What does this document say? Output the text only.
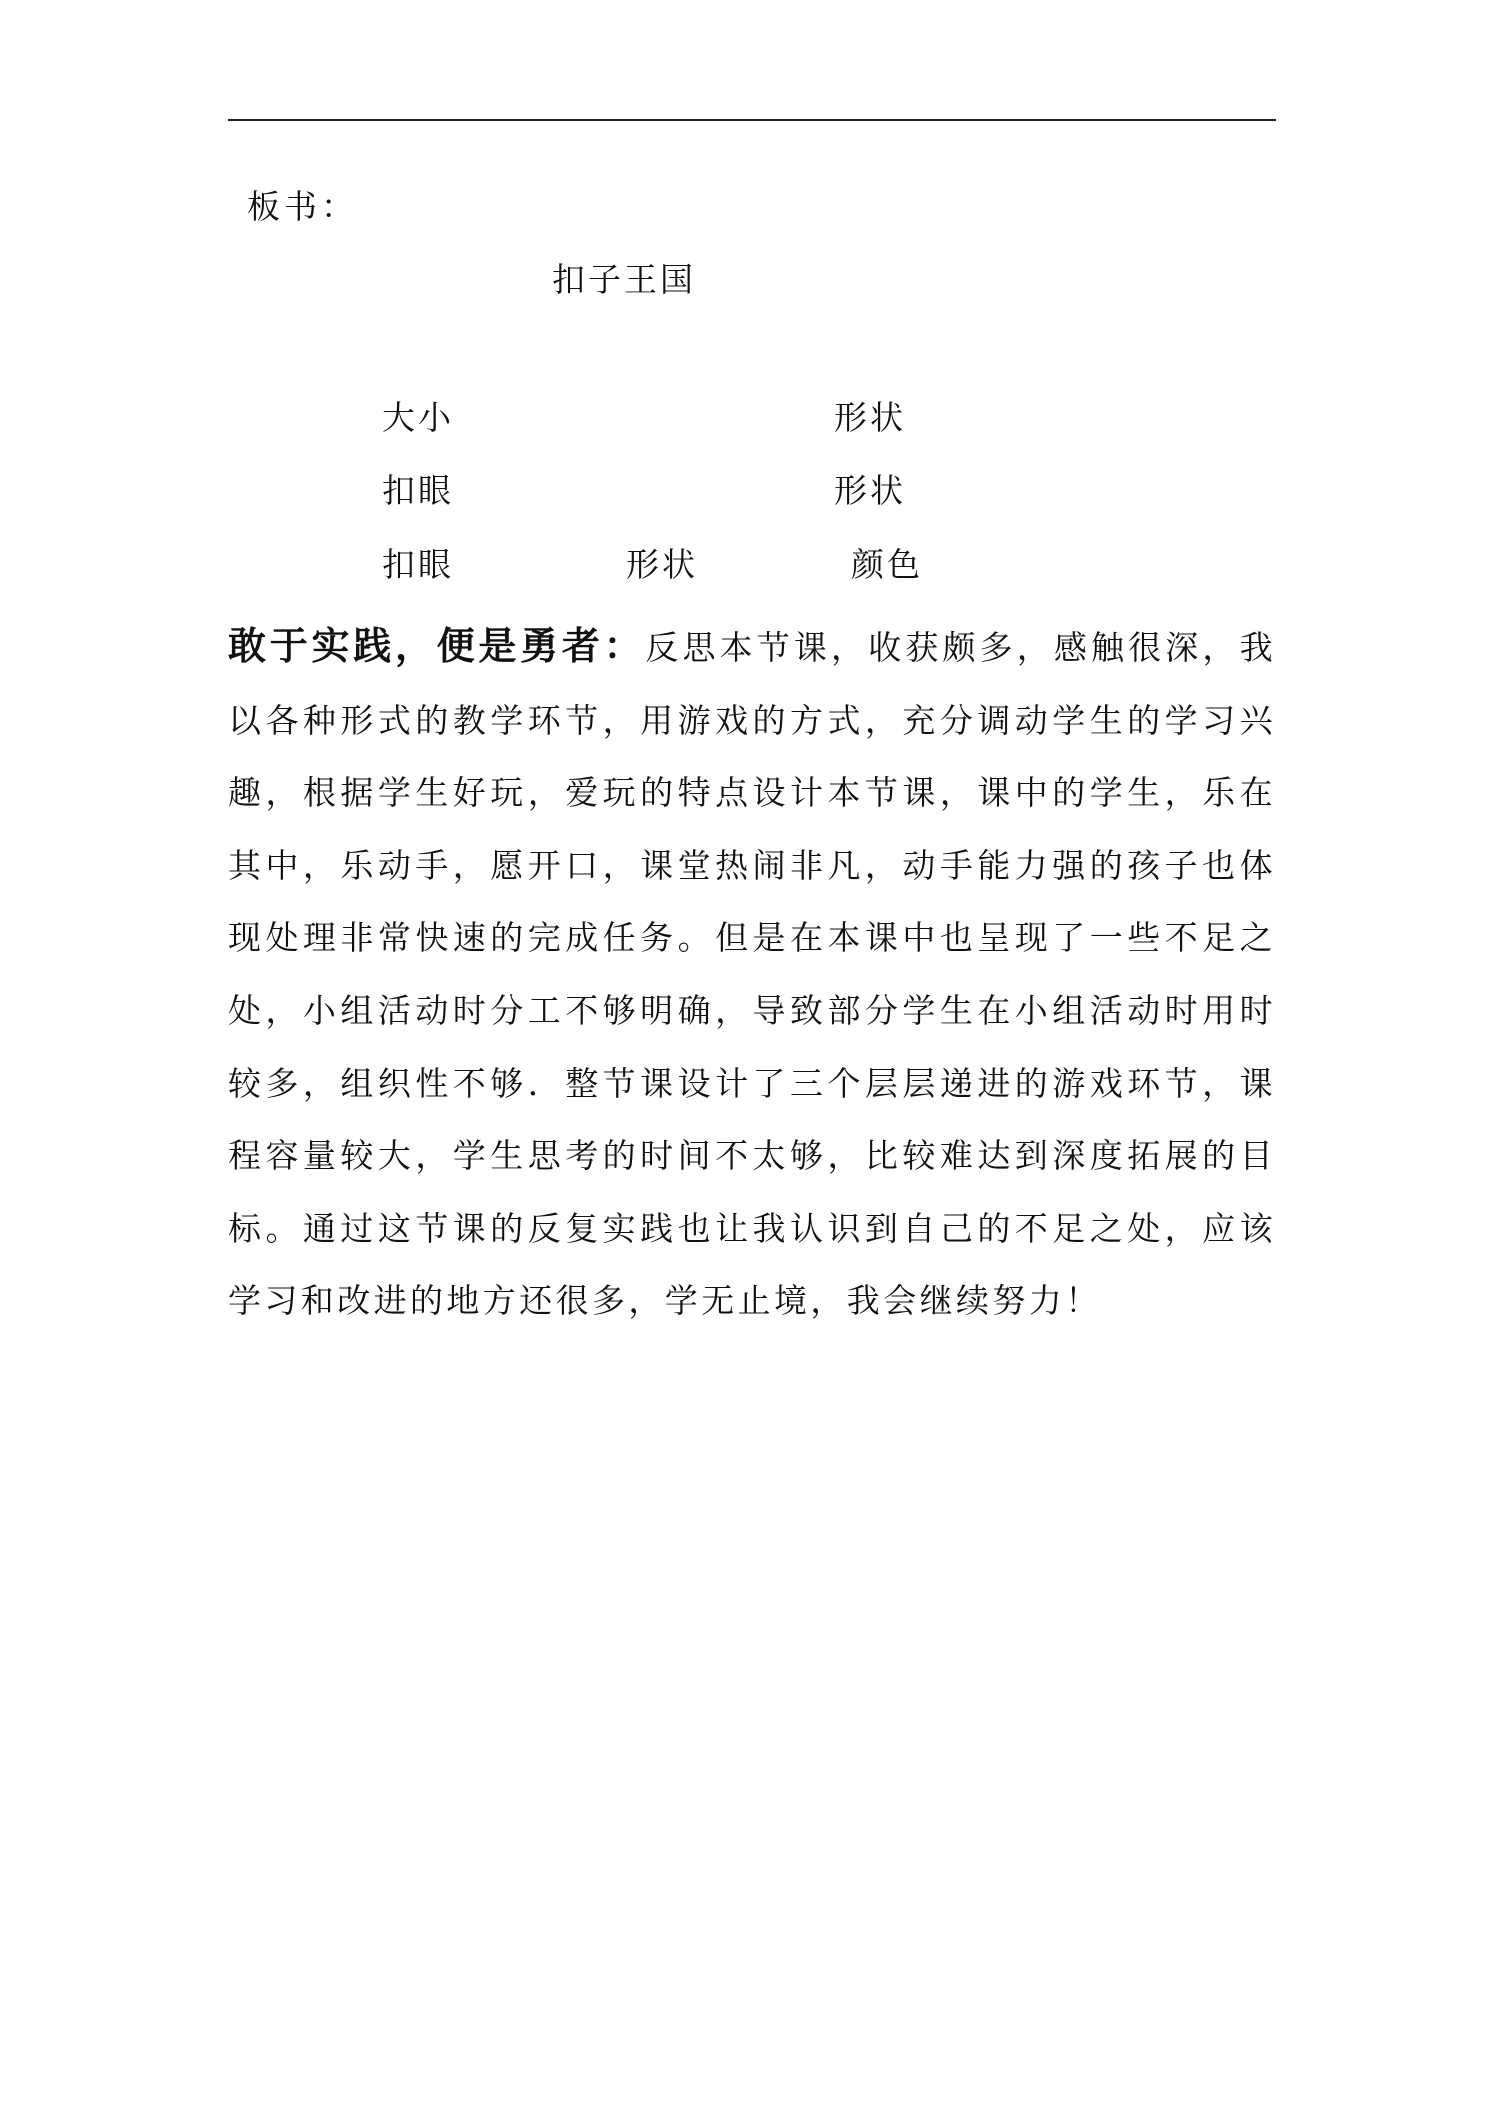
板书：
扣子王国
大小	形状
扣眼	形状
扣眼	形状	颜色
敢于实践，便是勇者：反思本节课，收获颇多，感触很深，我以各种形式的教学环节，用游戏的方式，充分调动学生的学习兴趣，根据学生好玩，爱玩的特点设计本节课，课中的学生，乐在其中，乐动手，愿开口，课堂热闹非凡，动手能力强的孩子也体现处理非常快速的完成任务。但是在本课中也呈现了一些不足之处，小组活动时分工不够明确，导致部分学生在小组活动时用时较多，组织性不够．整节课设计了三个层层递进的游戏环节，课程容量较大，学生思考的时间不太够，比较难达到深度拓展的目标。通过这节课的反复实践也让我认识到自己的不足之处，应该学习和改进的地方还很多，学无止境，我会继续努力！
